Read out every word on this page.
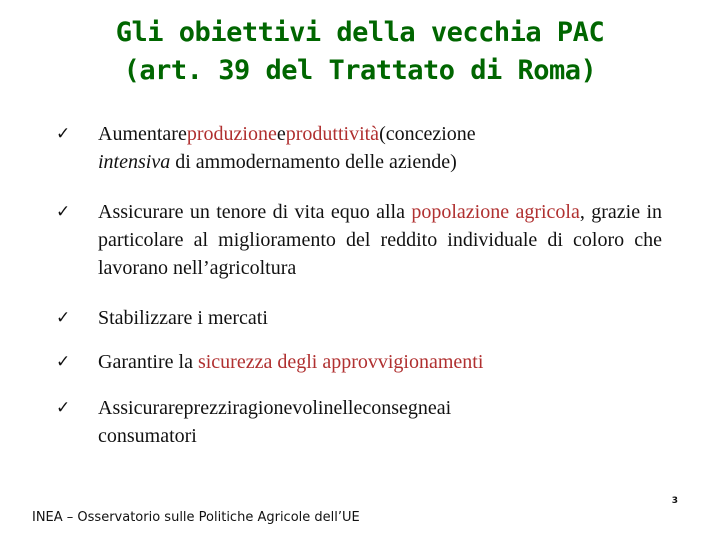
Gli obiettivi della vecchia PAC
(art. 39 del Trattato di Roma)
✓ Aumentare produzione e produttività (concezione
intensiva di ammodernamento delle aziende)
✓ Assicurare un tenore di vita equo alla popolazione agricola, grazie in particolare al miglioramento del reddito individuale di coloro che lavorano nell’agricoltura
✓ Stabilizzare i mercati
✓ Garantire la sicurezza degli approvvigionamenti
✓ Assicurare prezzi ragionevoli nelle consegne ai
consumatori
INEA – Osservatorio sulle Politiche Agricole dell’UE
3
